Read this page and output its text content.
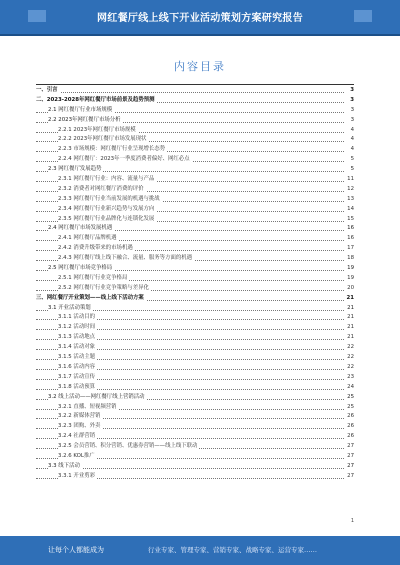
网红餐厅线上线下开业活动策划方案研究报告
内容目录
一、引言	3
二、2023-2028年网红餐厅市场前景及趋势预测	3
2.1 网红餐厅行业市场规模	3
2.2 2023年网红餐厅市场分析	3
2.2.1 2023年网红餐厅市场规模	4
2.2.2 2023年网红餐厅市场发展现状	4
2.2.3 市场规模：网红餐厅行业呈现增长态势	4
2.2.4 网红餐厅：2023年一季度消费者偏好、网红必点	5
2.3 网红餐厅发展趋势	5
2.3.1 网红餐厅行业：内容、流量与产品	11
2.3.2 消费者对网红餐厅消费的评价	12
2.3.3 网红餐厅行业当前发展的机遇与挑战	13
2.3.4 网红餐厅行业新兴趋势与发展方向	14
2.3.5 网红餐厅行业品牌化与连锁化发展	15
2.4 网红餐厅市场发展机遇	16
2.4.1 网红餐厅品牌机遇	16
2.4.2 消费升级带来的市场机遇	17
2.4.3 网红餐厅线上线下融合、流量、服务等方面的机遇	18
2.5 网红餐厅市场竞争格局	19
2.5.1 网红餐厅行业竞争格局	19
2.5.2 网红餐厅行业竞争策略与差异化	20
三、网红餐厅开业策划——线上线下活动方案	21
3.1 开业活动策划	21
3.1.1 活动目的	21
3.1.2 活动时间	21
3.1.3 活动地点	21
3.1.4 活动对象	22
3.1.5 活动主题	22
3.1.6 活动内容	22
3.1.7 活动宣传	23
3.1.8 活动预算	24
3.2 线上活动——网红餐厅线上营销活动	25
3.2.1 直播、短视频营销	25
3.2.2 新媒体营销	26
3.2.3 团购、外卖	26
3.2.4 社群营销	26
3.2.5 会员营销、积分营销、优惠券营销——线上线下联动	27
3.2.6 KOL推广	27
3.3 线下活动	27
3.3.1 开业剪彩	27
1
让每个人都能成为	行业专家、管理专家、营销专家、战略专家、运营专家……
